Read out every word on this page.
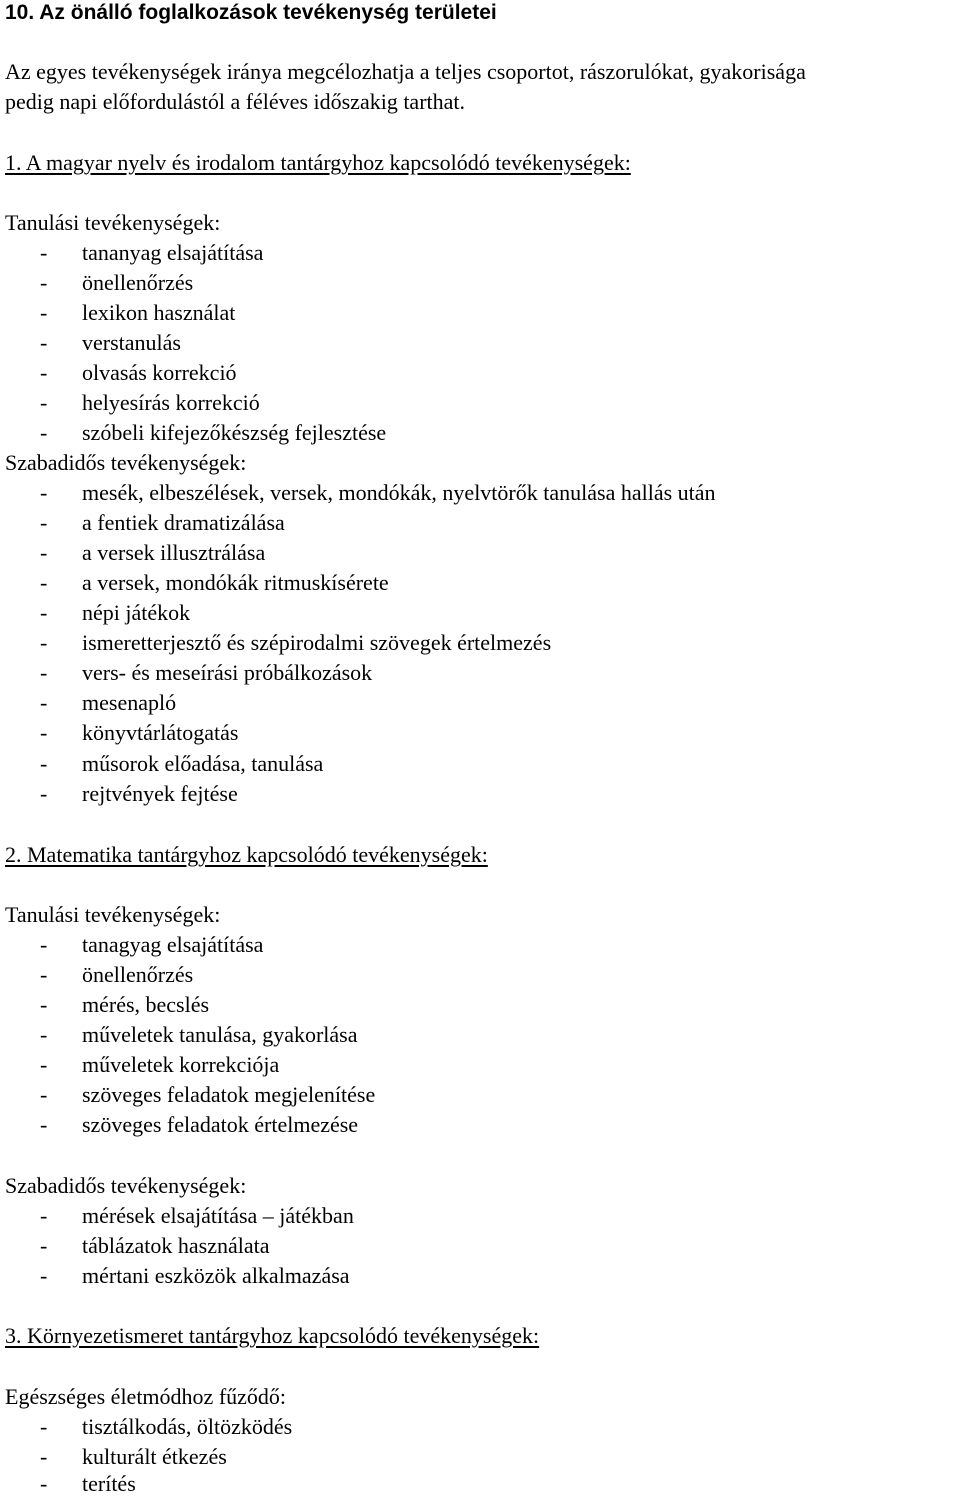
10. Az önálló foglalkozások tevékenység területei
Az egyes tevékenységek iránya megcélozhatja a teljes csoportot, rászorulókat, gyakorisága
pedig napi előfordulástól a féléves időszakig tarthat.
1. A magyar nyelv és irodalom tantárgyhoz kapcsolódó tevékenységek:
Tanulási tevékenységek:
- tananyag elsajátítása
- önellenőrzés
- lexikon használat
- verstanulás
- olvasás korrekció
- helyesírás korrekció
- szóbeli kifejezőkészség fejlesztése
Szabadidős tevékenységek:
- mesék, elbeszélések, versek, mondókák, nyelvtörők tanulása hallás után
- a fentiek dramatizálása
- a versek illusztrálása
- a versek, mondókák ritmuskísérete
- népi játékok
- ismeretterjesztő és szépirodalmi szövegek értelmezés
- vers- és meseírási próbálkozások
- mesenapló
- könyvtárlátogatás
- műsorok előadása, tanulása
- rejtvények fejtése
2. Matematika tantárgyhoz kapcsolódó tevékenységek:
Tanulási tevékenységek:
- tanagyag elsajátítása
- önellenőrzés
- mérés, becslés
- műveletek tanulása, gyakorlása
- műveletek korrekciója
- szöveges feladatok megjelenítése
- szöveges feladatok értelmezése
Szabadidős tevékenységek:
- mérések elsajátítása – játékban
- táblázatok használata
- mértani eszközök alkalmazása
3. Környezetismeret tantárgyhoz kapcsolódó tevékenységek:
Egészséges életmódhoz fűződő:
- tisztálkodás, öltözködés
- kulturált étkezés
- terítés
